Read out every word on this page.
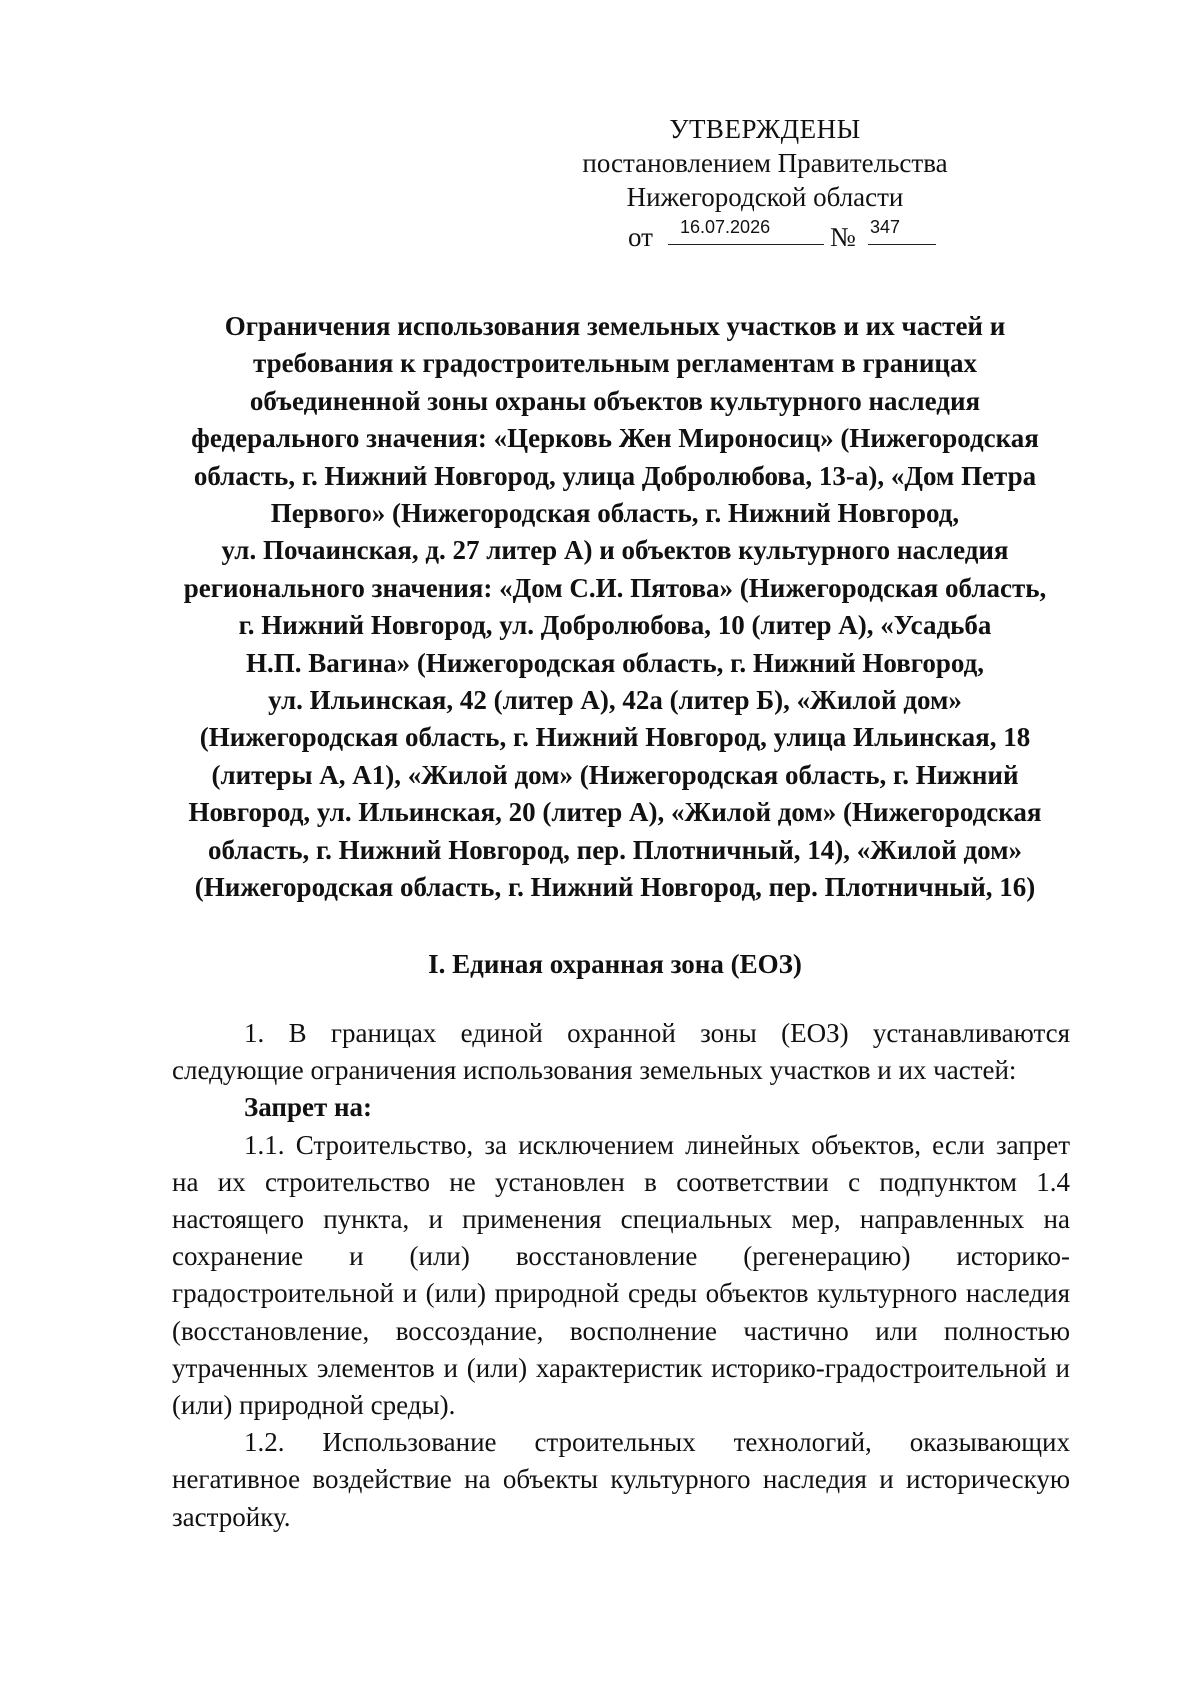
УТВЕРЖДЕНЫ
постановлением Правительства
Нижегородской области
от 16.07.2026 № 347
Ограничения использования земельных участков и их частей и
требования к градостроительным регламентам в границах
объединенной зоны охраны объектов культурного наследия
федерального значения: «Церковь Жен Мироносиц» (Нижегородская
область, г. Нижний Новгород, улица Добролюбова, 13-а), «Дом Петра
Первого» (Нижегородская область, г. Нижний Новгород,
ул. Почаинская, д. 27 литер А) и объектов культурного наследия
регионального значения: «Дом С.И. Пятова» (Нижегородская область,
г. Нижний Новгород, ул. Добролюбова, 10 (литер А), «Усадьба
Н.П. Вагина» (Нижегородская область, г. Нижний Новгород,
ул. Ильинская, 42 (литер А), 42а (литер Б), «Жилой дом»
(Нижегородская область, г. Нижний Новгород, улица Ильинская, 18
(литеры А, А1), «Жилой дом» (Нижегородская область, г. Нижний
Новгород, ул. Ильинская, 20 (литер А), «Жилой дом» (Нижегородская
область, г. Нижний Новгород, пер. Плотничный, 14), «Жилой дом»
(Нижегородская область, г. Нижний Новгород, пер. Плотничный, 16)
I. Единая охранная зона (ЕОЗ)

1. В границах единой охранной зоны (ЕОЗ) устанавливаются следующие ограничения использования земельных участков и их частей:

Запрет на:

1.1. Строительство, за исключением линейных объектов, если запрет на их строительство не установлен в соответствии с подпунктом 1.4 настоящего пункта, и применения специальных мер, направленных на сохранение и (или) восстановление (регенерацию) историко-градостроительной и (или) природной среды объектов культурного наследия (восстановление, воссоздание, восполнение частично или полностью утраченных элементов и (или) характеристик историко-градостроительной и (или) природной среды).

1.2. Использование строительных технологий, оказывающих негативное воздействие на объекты культурного наследия и историческую застройку.
